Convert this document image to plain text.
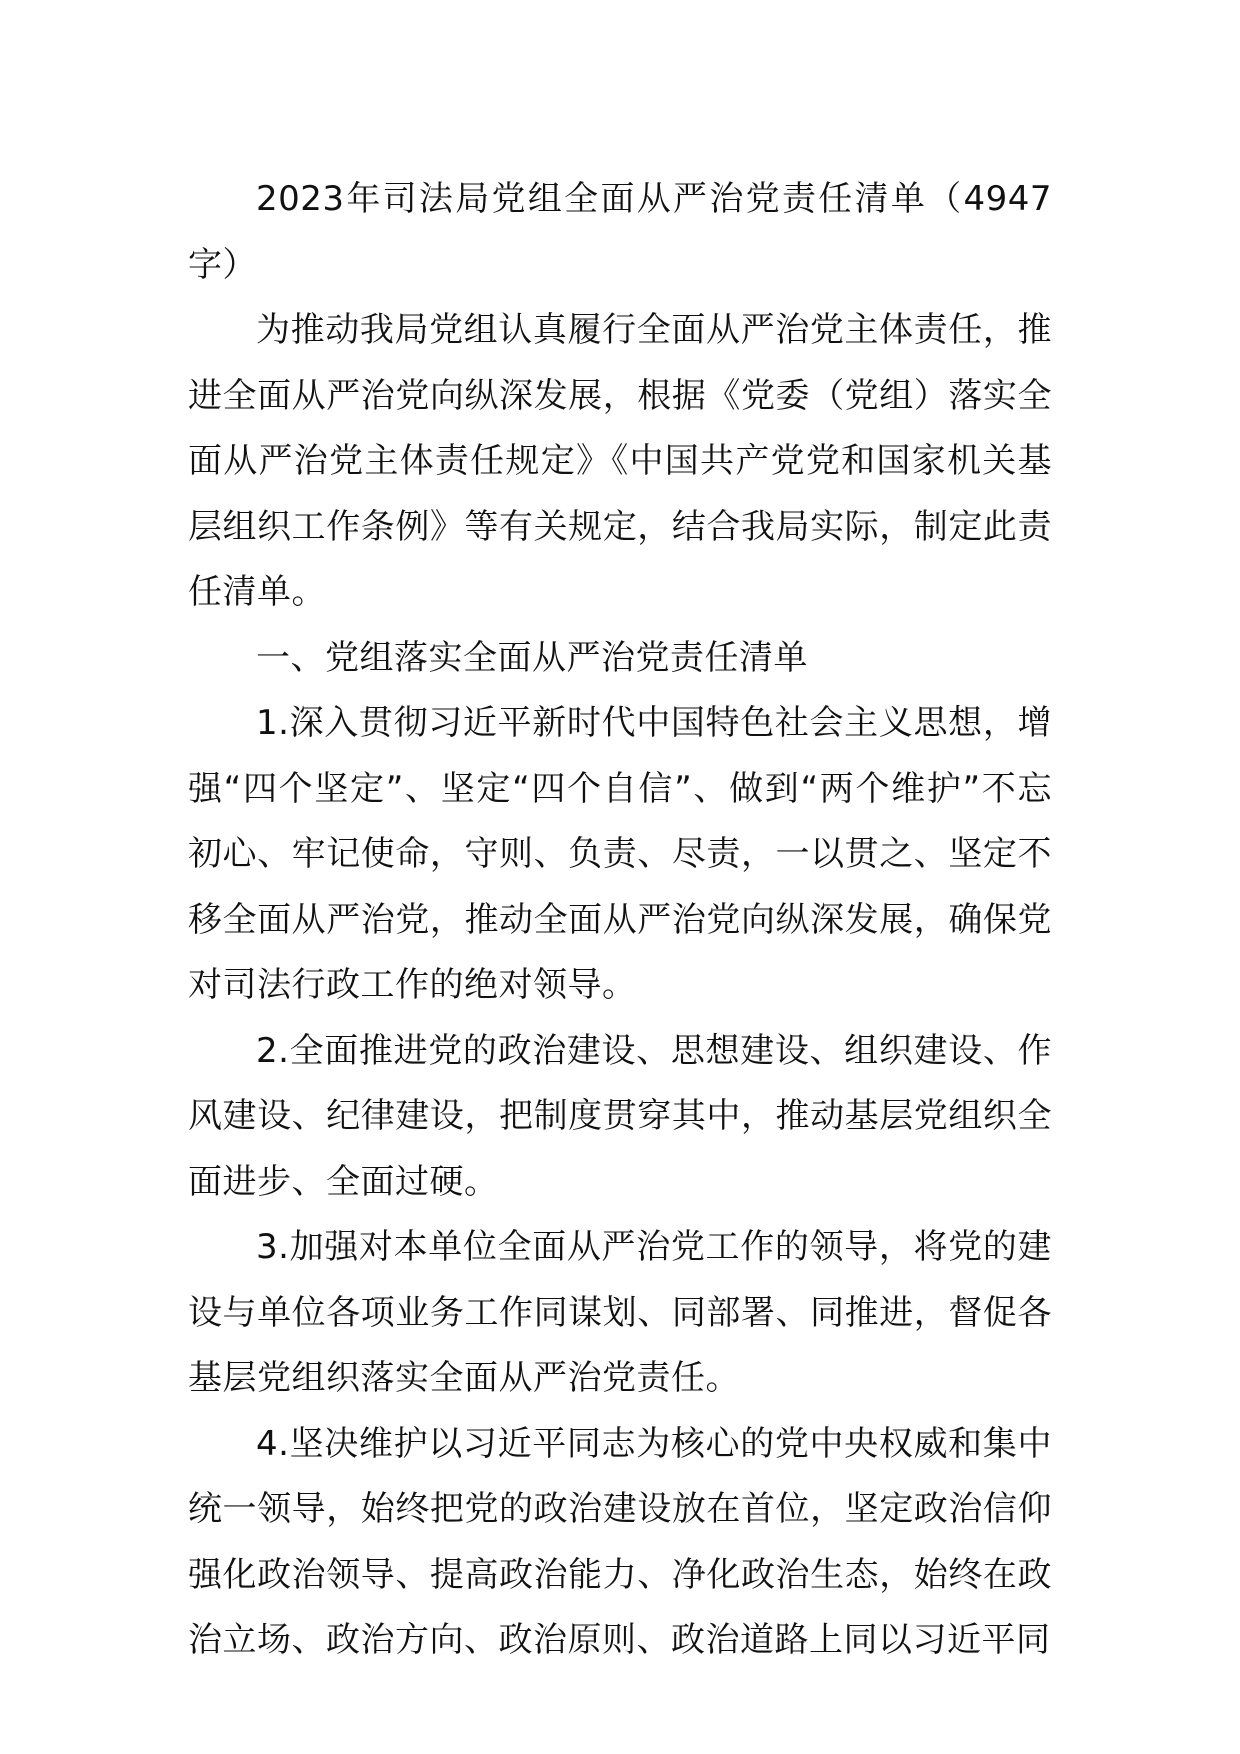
2023年司法局党组全面从严治党责任清单（4947字）

为推动我局党组认真履行全面从严治党主体责任，推进全面从严治党向纵深发展，根据《党委（党组）落实全面从严治党主体责任规定》《中国共产党党和国家机关基层组织工作条例》等有关规定，结合我局实际，制定此责任清单。

一、党组落实全面从严治党责任清单

1.深入贯彻习近平新时代中国特色社会主义思想，增强“四个坚定”、坚定“四个自信”、做到“两个维护”不忘初心、牢记使命，守则、负责、尽责，一以贯之、坚定不移全面从严治党，推动全面从严治党向纵深发展，确保党对司法行政工作的绝对领导。

2.全面推进党的政治建设、思想建设、组织建设、作风建设、纪律建设，把制度贯穿其中，推动基层党组织全面进步、全面过硬。

3.加强对本单位全面从严治党工作的领导，将党的建设与单位各项业务工作同谋划、同部署、同推进，督促各基层党组织落实全面从严治党责任。

4.坚决维护以习近平同志为核心的党中央权威和集中统一领导，始终把党的政治建设放在首位，坚定政治信仰强化政治领导、提高政治能力、净化政治生态，始终在政治立场、政治方向、政治原则、政治道路上同以习近平同
